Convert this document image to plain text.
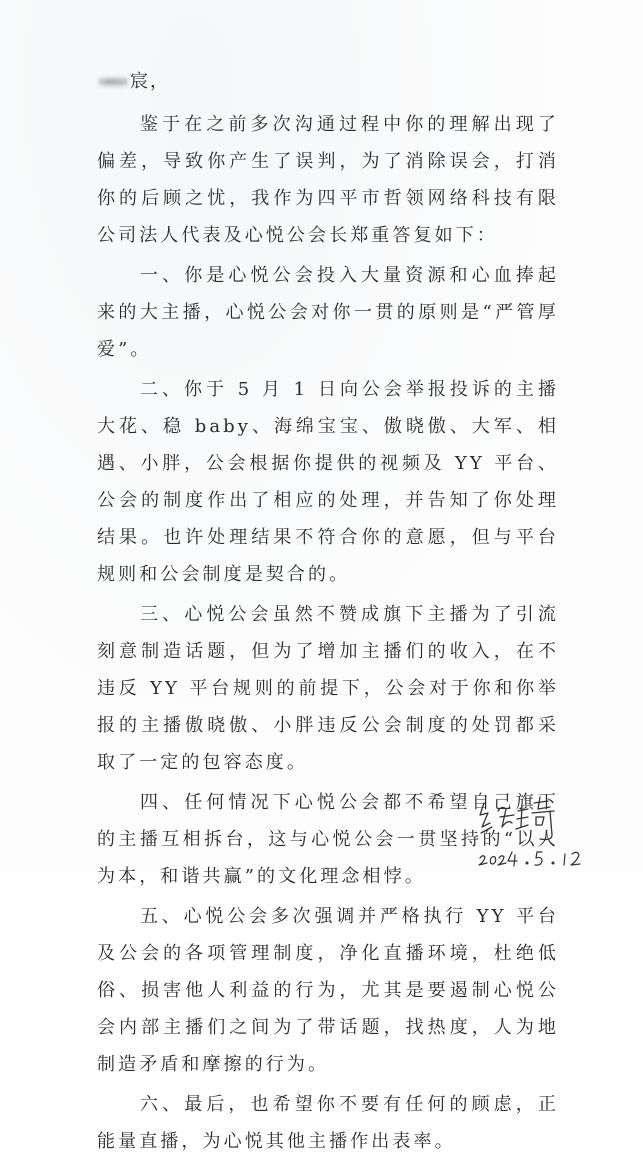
宸，

鉴于在之前多次沟通过程中你的理解出现了偏差，导致你产生了误判，为了消除误会，打消你的后顾之忧，我作为四平市哲领网络科技有限公司法人代表及心悦公会长郑重答复如下：

一、你是心悦公会投入大量资源和心血捧起来的大主播，心悦公会对你一贯的原则是“严管厚爱”。

二、你于 5 月 1 日向公会举报投诉的主播大花、稳 baby、海绵宝宝、傲晓傲、大军、相遇、小胖，公会根据你提供的视频及 YY 平台、公会的制度作出了相应的处理，并告知了你处理结果。也许处理结果不符合你的意愿，但与平台规则和公会制度是契合的。

三、心悦公会虽然不赞成旗下主播为了引流刻意制造话题，但为了增加主播们的收入，在不违反 YY 平台规则的前提下，公会对于你和你举报的主播傲晓傲、小胖违反公会制度的处罚都采取了一定的包容态度。

四、任何情况下心悦公会都不希望自己旗下的主播互相拆台，这与心悦公会一贯坚持的“以人为本，和谐共赢”的文化理念相悖。

五、心悦公会多次强调并严格执行 YY 平台及公会的各项管理制度，净化直播环境，杜绝低俗、损害他人利益的行为，尤其是要遏制心悦公会内部主播们之间为了带话题，找热度，人为地制造矛盾和摩擦的行为。

六、最后，也希望你不要有任何的顾虑，正能量直播，为心悦其他主播作出表率。
